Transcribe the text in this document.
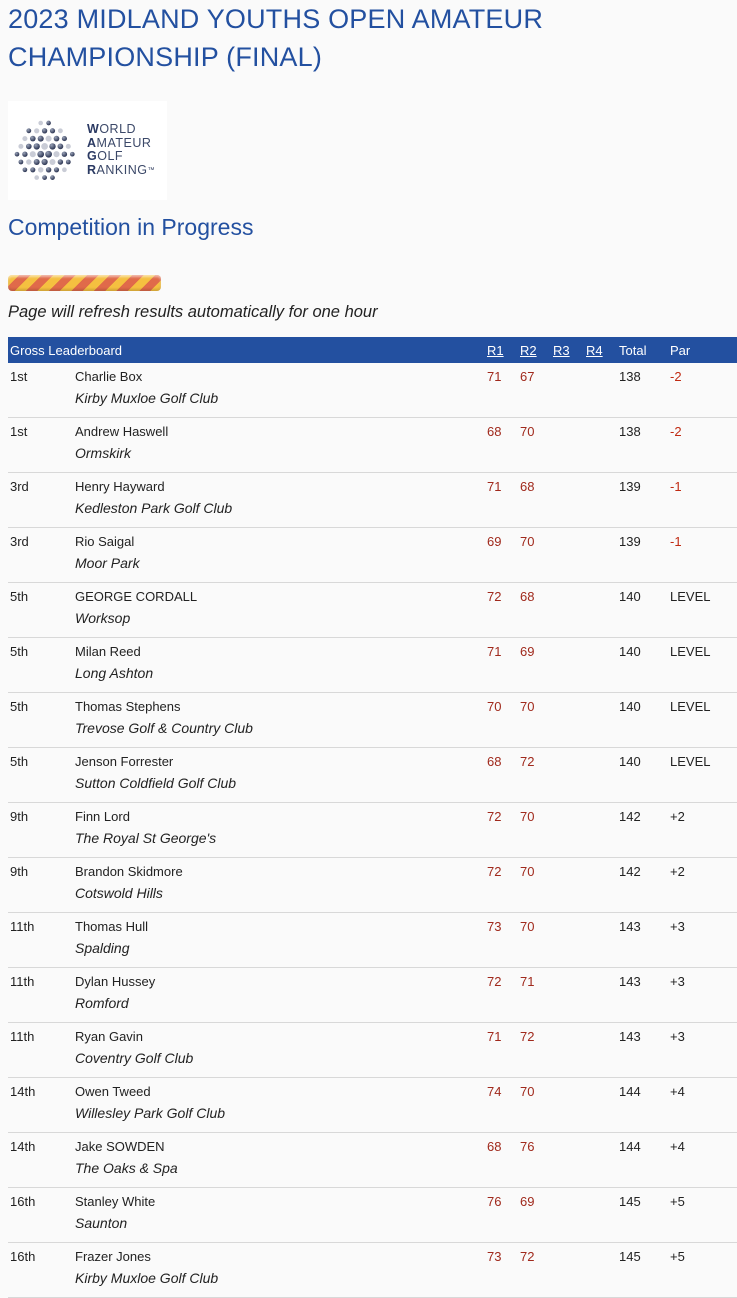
2023 MIDLAND YOUTHS OPEN AMATEUR
CHAMPIONSHIP (FINAL)
WORLD
AMATEUR
GOLF
RANKING™
Competition in Progress
Page will refresh results automatically for one hour
Gross Leaderboard		R1	R2	R3	R4	Total	Par
1st	Charlie Box	71	67			138	-2
	Kirby Muxloe Golf Club						
1st	Andrew Haswell	68	70			138	-2
	Ormskirk						
3rd	Henry Hayward	71	68			139	-1
	Kedleston Park Golf Club						
3rd	Rio Saigal	69	70			139	-1
	Moor Park						
5th	GEORGE CORDALL	72	68			140	LEVEL
	Worksop						
5th	Milan Reed	71	69			140	LEVEL
	Long Ashton						
5th	Thomas Stephens	70	70			140	LEVEL
	Trevose Golf & Country Club						
5th	Jenson Forrester	68	72			140	LEVEL
	Sutton Coldfield Golf Club						
9th	Finn Lord	72	70			142	+2
	The Royal St George's						
9th	Brandon Skidmore	72	70			142	+2
	Cotswold Hills						
11th	Thomas Hull	73	70			143	+3
	Spalding						
11th	Dylan Hussey	72	71			143	+3
	Romford						
11th	Ryan Gavin	71	72			143	+3
	Coventry Golf Club						
14th	Owen Tweed	74	70			144	+4
	Willesley Park Golf Club						
14th	Jake SOWDEN	68	76			144	+4
	The Oaks & Spa						
16th	Stanley White	76	69			145	+5
	Saunton						
16th	Frazer Jones	73	72			145	+5
	Kirby Muxloe Golf Club						
